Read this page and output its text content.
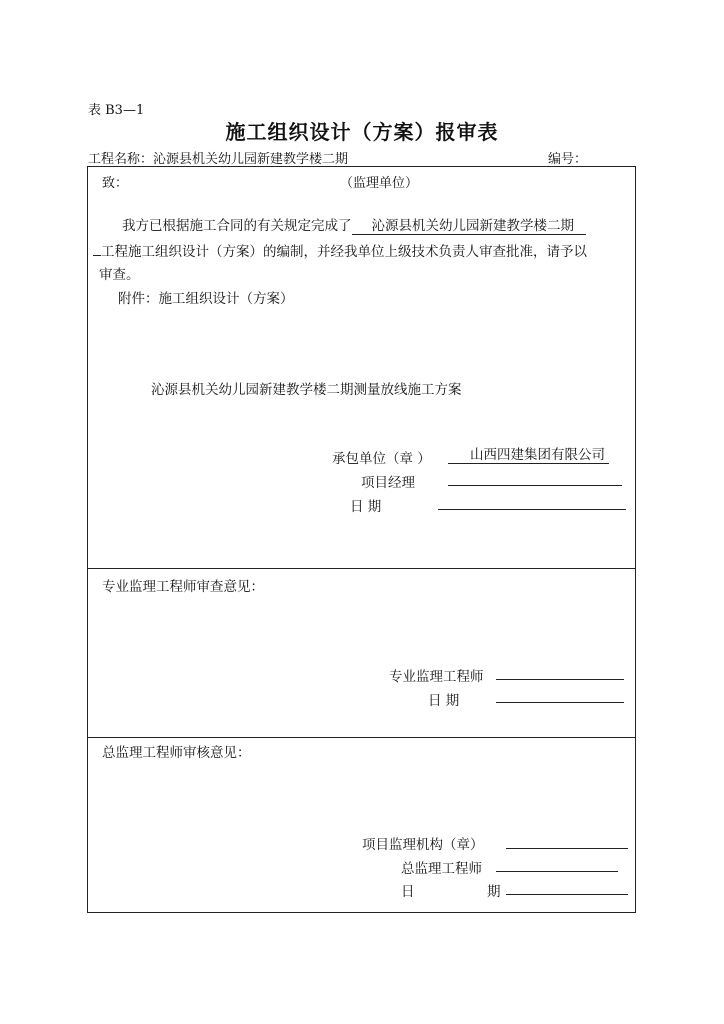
表 B3—1
施工组织设计（方案）报审表
工程名称：沁源县机关幼儿园新建教学楼二期	编号：
致：	（监理单位）
我方已根据施工合同的有关规定完成了 沁源县机关幼儿园新建教学楼二期
工程施工组织设计（方案）的编制，并经我单位上级技术负责人审查批准，请予以
审查。
附件：施工组织设计（方案）
沁源县机关幼儿园新建教学楼二期测量放线施工方案
承包单位（章 ）	山西四建集团有限公司
项目经理
日 期
专业监理工程师审查意见：
专业监理工程师
日 期
总监理工程师审核意见：
项目监理机构（章）
总监理工程师
日	期
